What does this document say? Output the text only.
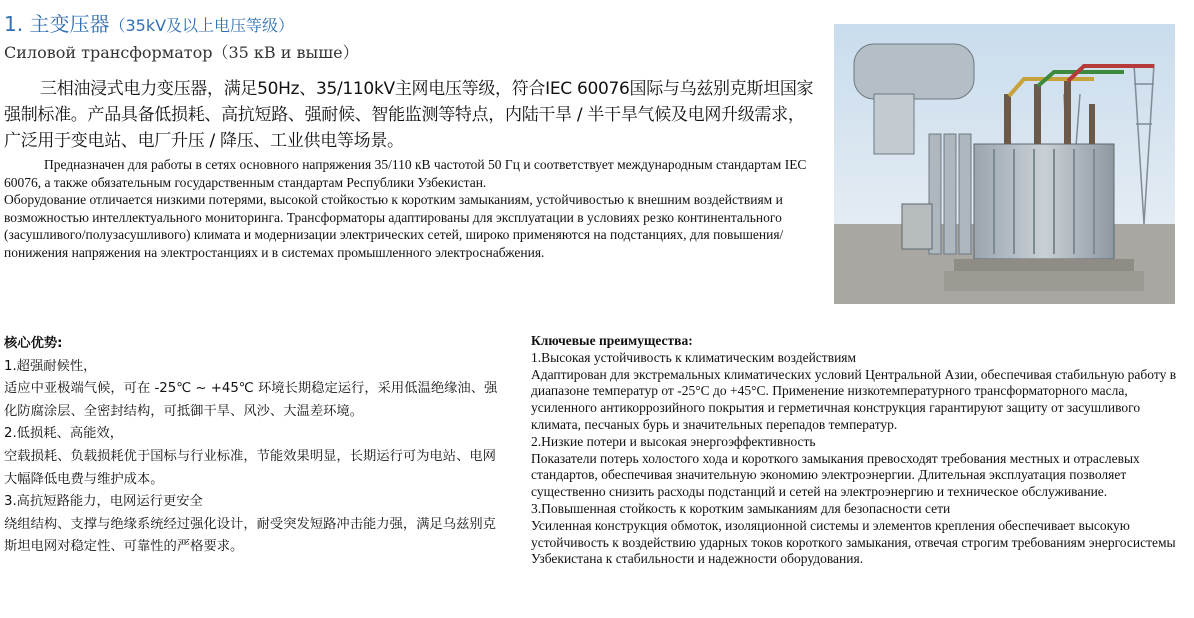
1. 主变压器（35kV及以上电压等级）
Силовой трансформатор（35 кВ и выше）

三相油浸式电力变压器，满足50Hz、35/110kV主网电压等级，符合IEC 60076国际与乌兹别克斯坦国家强制标准。产品具备低损耗、高抗短路、强耐候、智能监测等特点，内陆干旱 / 半干旱气候及电网升级需求，广泛用于变电站、电厂升压 / 降压、工业供电等场景。

Предназначен для работы в сетях основного напряжения 35/110 кВ частотой 50 Гц и соответствует международным стандартам IEC 60076, а также обязательным государственным стандартам Республики Узбекистан.

Оборудование отличается низкими потерями, высокой стойкостью к коротким замыканиям, устойчивостью к внешним воздействиям и возможностью интеллектуального мониторинга. Трансформаторы адаптированы для эксплуатации в условиях резко континентального (засушливого/полузасушливого) климата и модернизации электрических сетей, широко применяются на подстанциях, для повышения/понижения напряжения на электростанциях и в системах промышленного электроснабжения.

核心优势:

1.超强耐候性，

适应中亚极端气候，可在 -25℃ ~ +45℃ 环境长期稳定运行，采用低温绝缘油、强化防腐涂层、全密封结构，可抵御干旱、风沙、大温差环境。

2.低损耗、高能效，

空载损耗、负载损耗优于国标与行业标准，节能效果明显，长期运行可为电站、电网大幅降低电费与维护成本。

3.高抗短路能力，电网运行更安全

绕组结构、支撑与绝缘系统经过强化设计，耐受突发短路冲击能力强，满足乌兹别克斯坦电网对稳定性、可靠性的严格要求。

Ключевые преимущества:

1.Высокая устойчивость к климатическим воздействиям

Адаптирован для экстремальных климатических условий Центральной Азии, обеспечивая стабильную работу в диапазоне температур от -25°C до +45°C. Применение низкотемпературного трансформаторного масла, усиленного антикоррозийного покрытия и герметичная конструкция гарантируют защиту от засушливого климата, песчаных бурь и значительных перепадов температур.

2.Низкие потери и высокая энергоэффективность

Показатели потерь холостого хода и короткого замыкания превосходят требования местных и отраслевых стандартов, обеспечивая значительную экономию электроэнергии. Длительная эксплуатация позволяет существенно снизить расходы подстанций и сетей на электроэнергию и техническое обслуживание.

3.Повышенная стойкость к коротким замыканиям для безопасности сети

Усиленная конструкция обмоток, изоляционной системы и элементов крепления обеспечивает высокую устойчивость к воздействию ударных токов короткого замыкания, отвечая строгим требованиям энергосистемы Узбекистана к стабильности и надежности оборудования.
